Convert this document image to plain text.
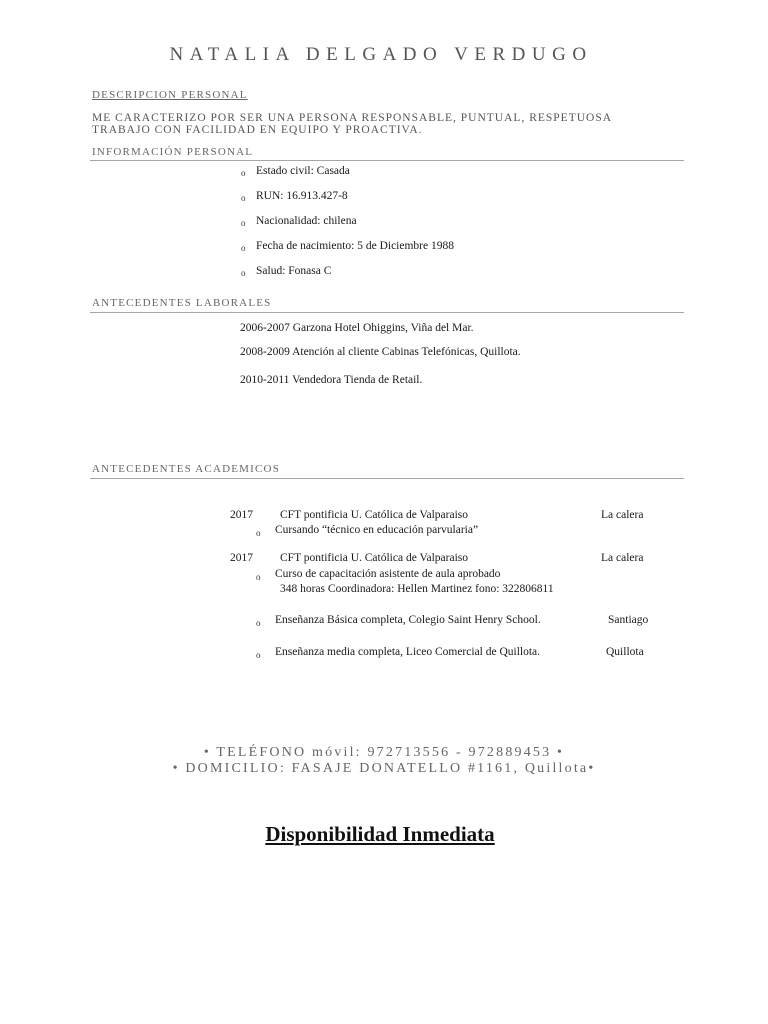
NATALIA DELGADO VERDUGO
DESCRIPCION PERSONAL
ME CARACTERIZO POR SER UNA PERSONA RESPONSABLE, PUNTUAL, RESPETUOSA
TRABAJO CON FACILIDAD EN EQUIPO Y PROACTIVA.
INFORMACIÓN PERSONAL
o Estado civil: Casada
o RUN: 16.913.427-8
o Nacionalidad: chilena
o Fecha de nacimiento: 5 de Diciembre 1988
o Salud: Fonasa C
ANTECEDENTES LABORALES
2006-2007 Garzona Hotel Ohiggins, Viña del Mar.
2008-2009 Atención al cliente Cabinas Telefónicas, Quillota.
2010-2011 Vendedora Tienda de Retail.
ANTECEDENTES ACADEMICOS
2017 CFT pontificia U. Católica de Valparaiso	La calera
o Cursando “técnico en educación parvularia”
2017 CFT pontificia U. Católica de Valparaiso	La calera
o Curso de capacitación asistente de aula aprobado
348 horas Coordinadora: Hellen Martinez fono: 322806811
o Enseñanza Básica completa, Colegio Saint Henry School.	Santiago
o Enseñanza media completa, Liceo Comercial de Quillota.	Quillota
• TELÉFONO móvil: 972713556 - 972889453 •
• DOMICILIO: FASAJE DONATELLO #1161, Quillota•
Disponibilidad Inmediata
